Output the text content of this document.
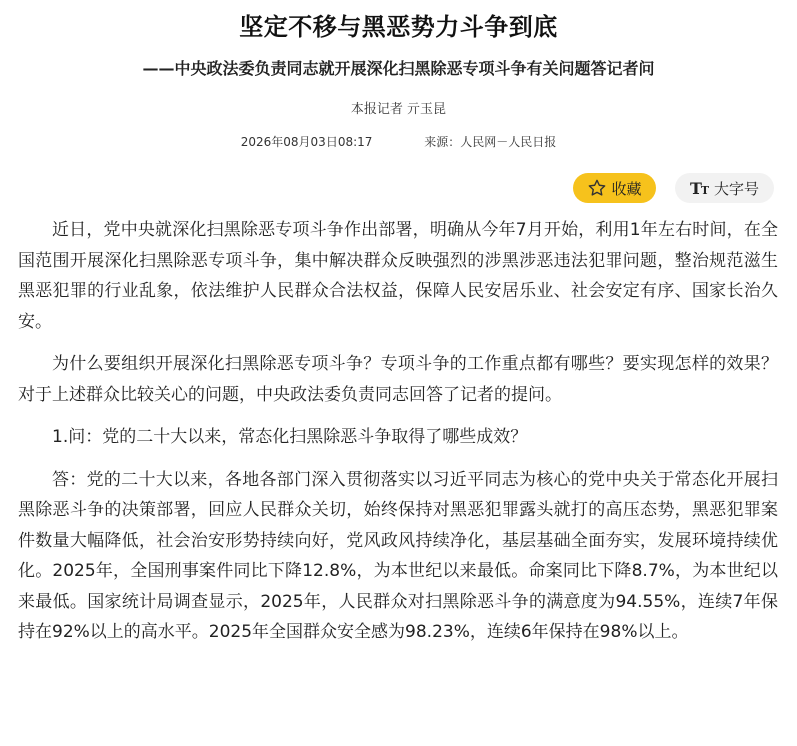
坚定不移与黑恶势力斗争到底
——中央政法委负责同志就开展深化扫黑除恶专项斗争有关问题答记者问
本报记者 亓玉昆
2026年08月03日08:17	来源：人民网－人民日报
收藏	TT 大字号

近日，党中央就深化扫黑除恶专项斗争作出部署，明确从今年7月开始，利用1年左右时间，在全国范围开展深化扫黑除恶专项斗争，集中解决群众反映强烈的涉黑涉恶违法犯罪问题，整治规范滋生黑恶犯罪的行业乱象，依法维护人民群众合法权益，保障人民安居乐业、社会安定有序、国家长治久安。

为什么要组织开展深化扫黑除恶专项斗争？专项斗争的工作重点都有哪些？要实现怎样的效果？对于上述群众比较关心的问题，中央政法委负责同志回答了记者的提问。

1.问：党的二十大以来，常态化扫黑除恶斗争取得了哪些成效？

答：党的二十大以来，各地各部门深入贯彻落实以习近平同志为核心的党中央关于常态化开展扫黑除恶斗争的决策部署，回应人民群众关切，始终保持对黑恶犯罪露头就打的高压态势，黑恶犯罪案件数量大幅降低，社会治安形势持续向好，党风政风持续净化，基层基础全面夯实，发展环境持续优化。2025年，全国刑事案件同比下降12.8%，为本世纪以来最低。命案同比下降8.7%，为本世纪以来最低。国家统计局调查显示，2025年，人民群众对扫黑除恶斗争的满意度为94.55%，连续7年保持在92%以上的高水平。2025年全国群众安全感为98.23%，连续6年保持在98%以上。
